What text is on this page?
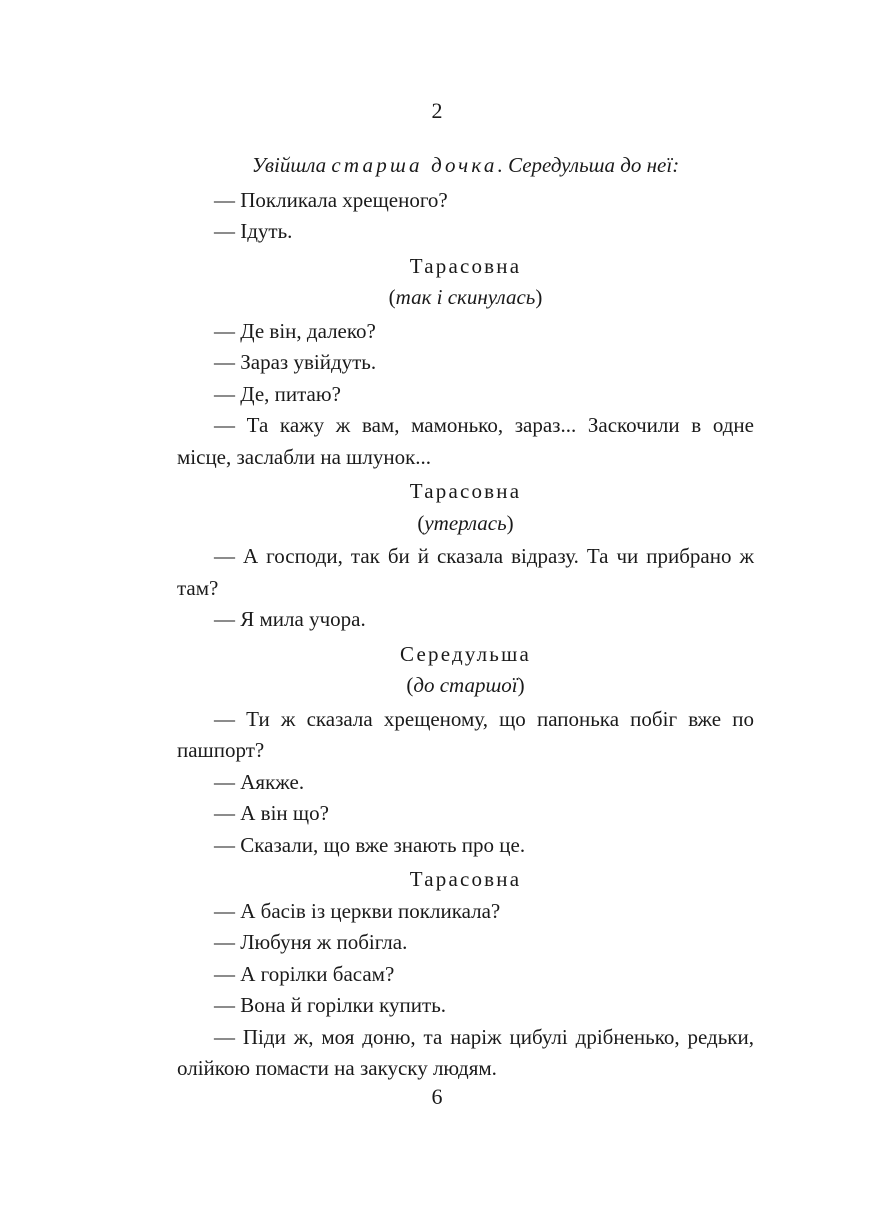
2

Увійшла старша дочка. Середульша до неї:

— Покликала хрещеного?

— Ідуть.

Тарасовна

(так і скинулась)

— Де він, далеко?

— Зараз увійдуть.

— Де, питаю?

— Та кажу ж вам, мамонько, зараз... Заскочили в одне місце, заслабли на шлунок...

Тарасовна

(утерлась)

— А господи, так би й сказала відразу. Та чи прибрано ж там?

— Я мила учора.

Середульша

(до старшої)

— Ти ж сказала хрещеному, що папонька побіг вже по пашпорт?

— Аякже.

— А він що?

— Сказали, що вже знають про це.

Тарасовна

— А басів із церкви покликала?

— Любуня ж побігла.

— А горілки басам?

— Вона й горілки купить.

— Піди ж, моя доню, та наріж цибулі дрібненько, редьки, олійкою помасти на закуску людям.

6
